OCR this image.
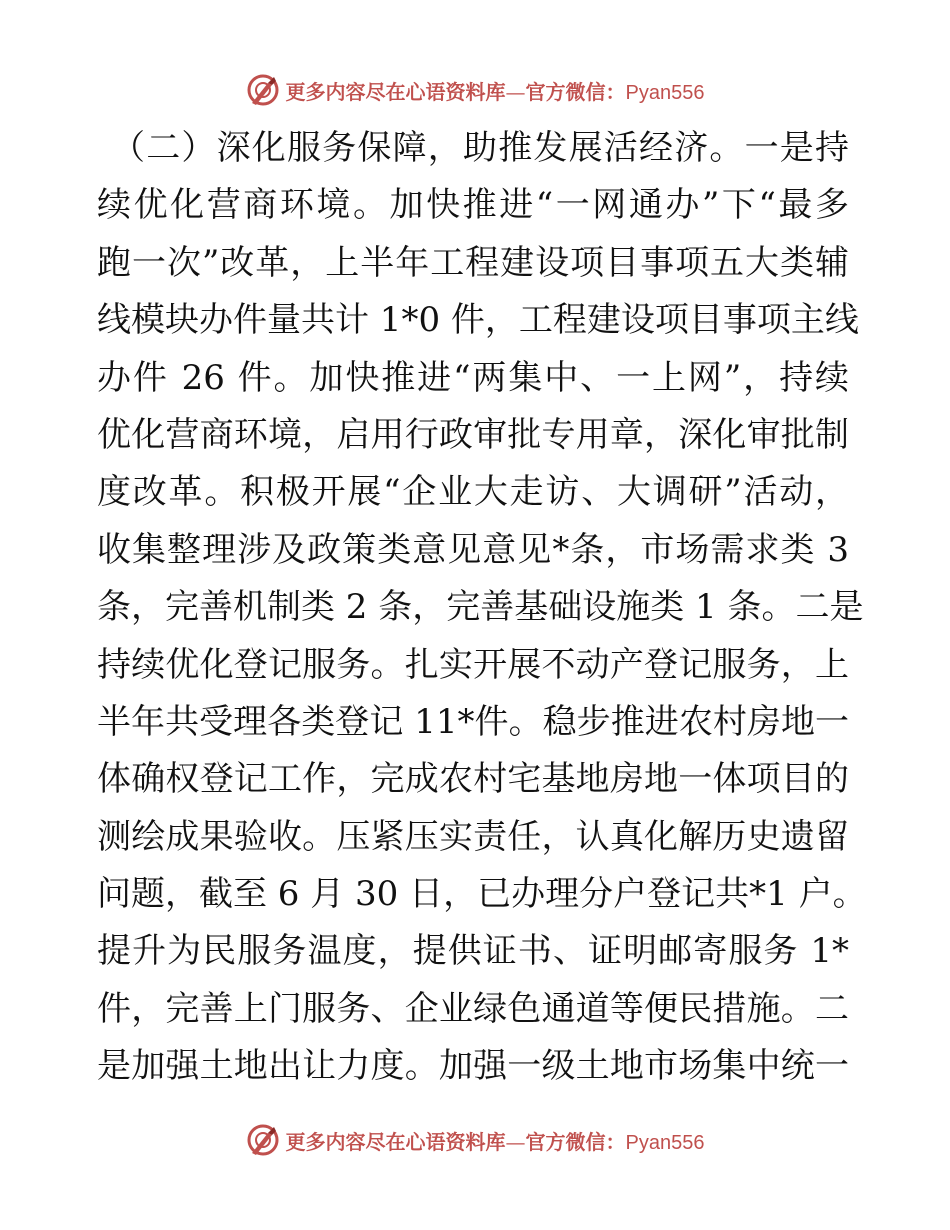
更多内容尽在心语资料库—官方微信：Pyan556
（二）深化服务保障，助推发展活经济。一是持
续优化营商环境。加快推进“一网通办”下“最多
跑一次”改革，上半年工程建设项目事项五大类辅
线模块办件量共计 1*0 件，工程建设项目事项主线
办件 26 件。加快推进“两集中、一上网”，持续
优化营商环境，启用行政审批专用章，深化审批制
度改革。积极开展“企业大走访、大调研”活动，
收集整理涉及政策类意见意见*条，市场需求类 3
条，完善机制类 2 条，完善基础设施类 1 条。二是
持续优化登记服务。扎实开展不动产登记服务，上
半年共受理各类登记 11*件。稳步推进农村房地一
体确权登记工作，完成农村宅基地房地一体项目的
测绘成果验收。压紧压实责任，认真化解历史遗留
问题，截至 6 月 30 日，已办理分户登记共*1 户。
提升为民服务温度，提供证书、证明邮寄服务 1*
件，完善上门服务、企业绿色通道等便民措施。二
是加强土地出让力度。加强一级土地市场集中统一
更多内容尽在心语资料库—官方微信：Pyan556
